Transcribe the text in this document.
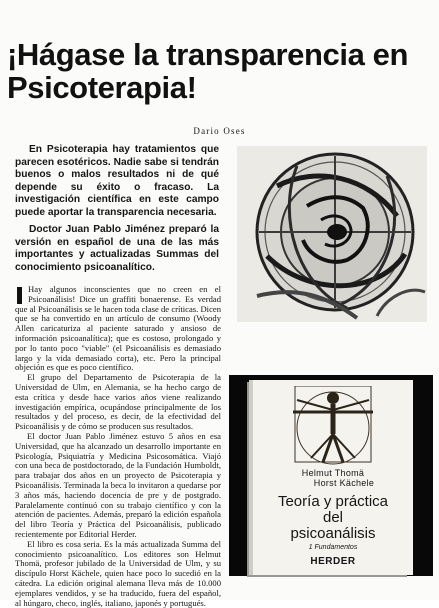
¡Hágase la transparencia en
Psicoterapia!
Dario Oses
En Psicoterapia hay tratamientos que parecen esotéricos. Nadie sabe si tendrán buenos o malos resultados ni de qué depende su éxito o fracaso. La investigación científica en este campo puede aportar la transparencia necesaria.
Doctor Juan Pablo Jiménez preparó la versión en español de una de las más importantes y actualizadas Summas del conocimiento psicoanalítico.

Hay algunos inconscientes que no creen en el Psicoanálisis! Dice un graffiti bonaerense. Es verdad que al Psicoanálisis se le hacen toda clase de críticas. Dicen que se ha convertido en un artículo de consumo (Woody Allen caricaturiza al paciente saturado y ansioso de información psicoanalítica); que es costoso, prolongado y por lo tanto poco "viable" (el Psicoanálisis es demasiado largo y la vida demasiado corta), etc. Pero la principal objeción es que es poco científico.

El grupo del Departamento de Psicoterapia de la Universidad de Ulm, en Alemania, se ha hecho cargo de esta crítica y desde hace varios años viene realizando investigación empírica, ocupándose principalmente de los resultados y del proceso, es decir, de la efectividad del Psicoanálisis y de cómo se producen sus resultados.

El doctor Juan Pablo Jiménez estuvo 5 años en esa Universidad, que ha alcanzado un desarrollo importante en Psicología, Psiquiatría y Medicina Psicosomática. Viajó con una beca de postdoctorado, de la Fundación Humboldt, para trabajar dos años en un proyecto de Psicoterapia y Psicoanálisis. Terminada la beca lo invitaron a quedarse por 3 años más, haciendo docencia de pre y de postgrado. Paralelamente continuó con su trabajo científico y con la atención de pacientes. Además, preparó la edición española del libro Teoría y Práctica del Psicoanálisis, publicado recientemente por Editorial Herder.

El libro es cosa seria. Es la más actualizada Summa del conocimiento psicoanalítico. Los editores son Helmut Thomä, profesor jubilado de la Universidad de Ulm, y su discípulo Horst Kächele, quien hace poco lo sucedió en la cátedra. La edición original alemana lleva más de 10.000 ejemplares vendidos, y se ha traducido, fuera del español, al húngaro, checo, inglés, italiano, japonés y portugués.

Helmut Thomä

Horst Kächele
Teoría y práctica
del
psicoanálisis
1 Fundamentos
HERDER
